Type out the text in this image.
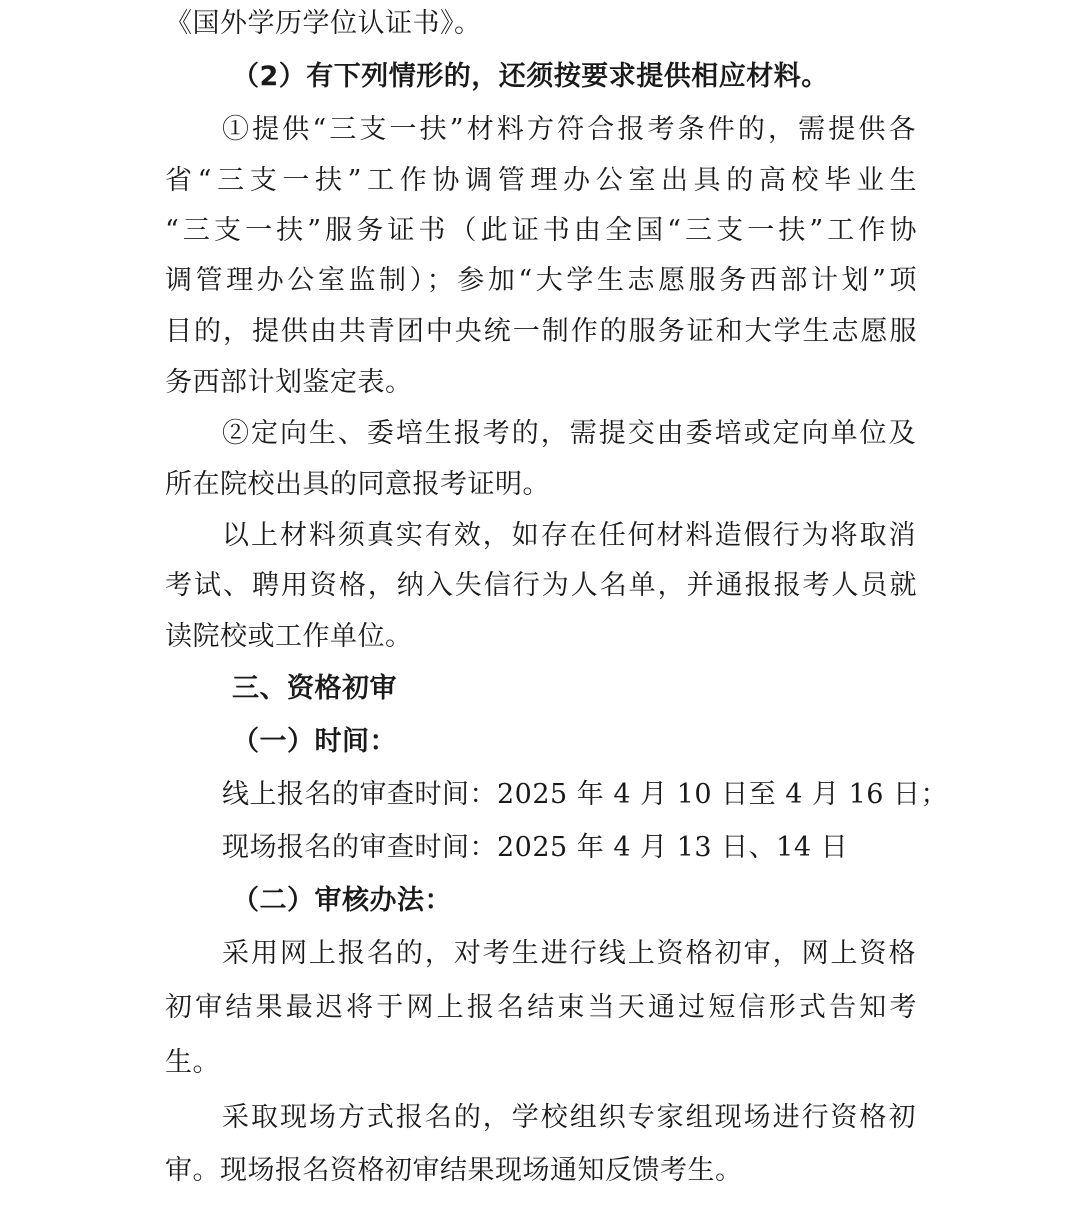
《国外学历学位认证书》。
（2）有下列情形的，还须按要求提供相应材料。
①提供“三支一扶”材料方符合报考条件的，需提供各
省“三支一扶”工作协调管理办公室出具的高校毕业生
“三支一扶”服务证书（此证书由全国“三支一扶”工作协
调管理办公室监制）；参加“大学生志愿服务西部计划”项
目的，提供由共青团中央统一制作的服务证和大学生志愿服
务西部计划鉴定表。
②定向生、委培生报考的，需提交由委培或定向单位及
所在院校出具的同意报考证明。
以上材料须真实有效，如存在任何材料造假行为将取消
考试、聘用资格，纳入失信行为人名单，并通报报考人员就
读院校或工作单位。
三、资格初审
（一）时间：
线上报名的审查时间：2025 年 4 月 10 日至 4 月 16 日；
现场报名的审查时间：2025 年 4 月 13 日、14 日
（二）审核办法：
采用网上报名的，对考生进行线上资格初审，网上资格
初审结果最迟将于网上报名结束当天通过短信形式告知考
生。
采取现场方式报名的，学校组织专家组现场进行资格初
审。现场报名资格初审结果现场通知反馈考生。
